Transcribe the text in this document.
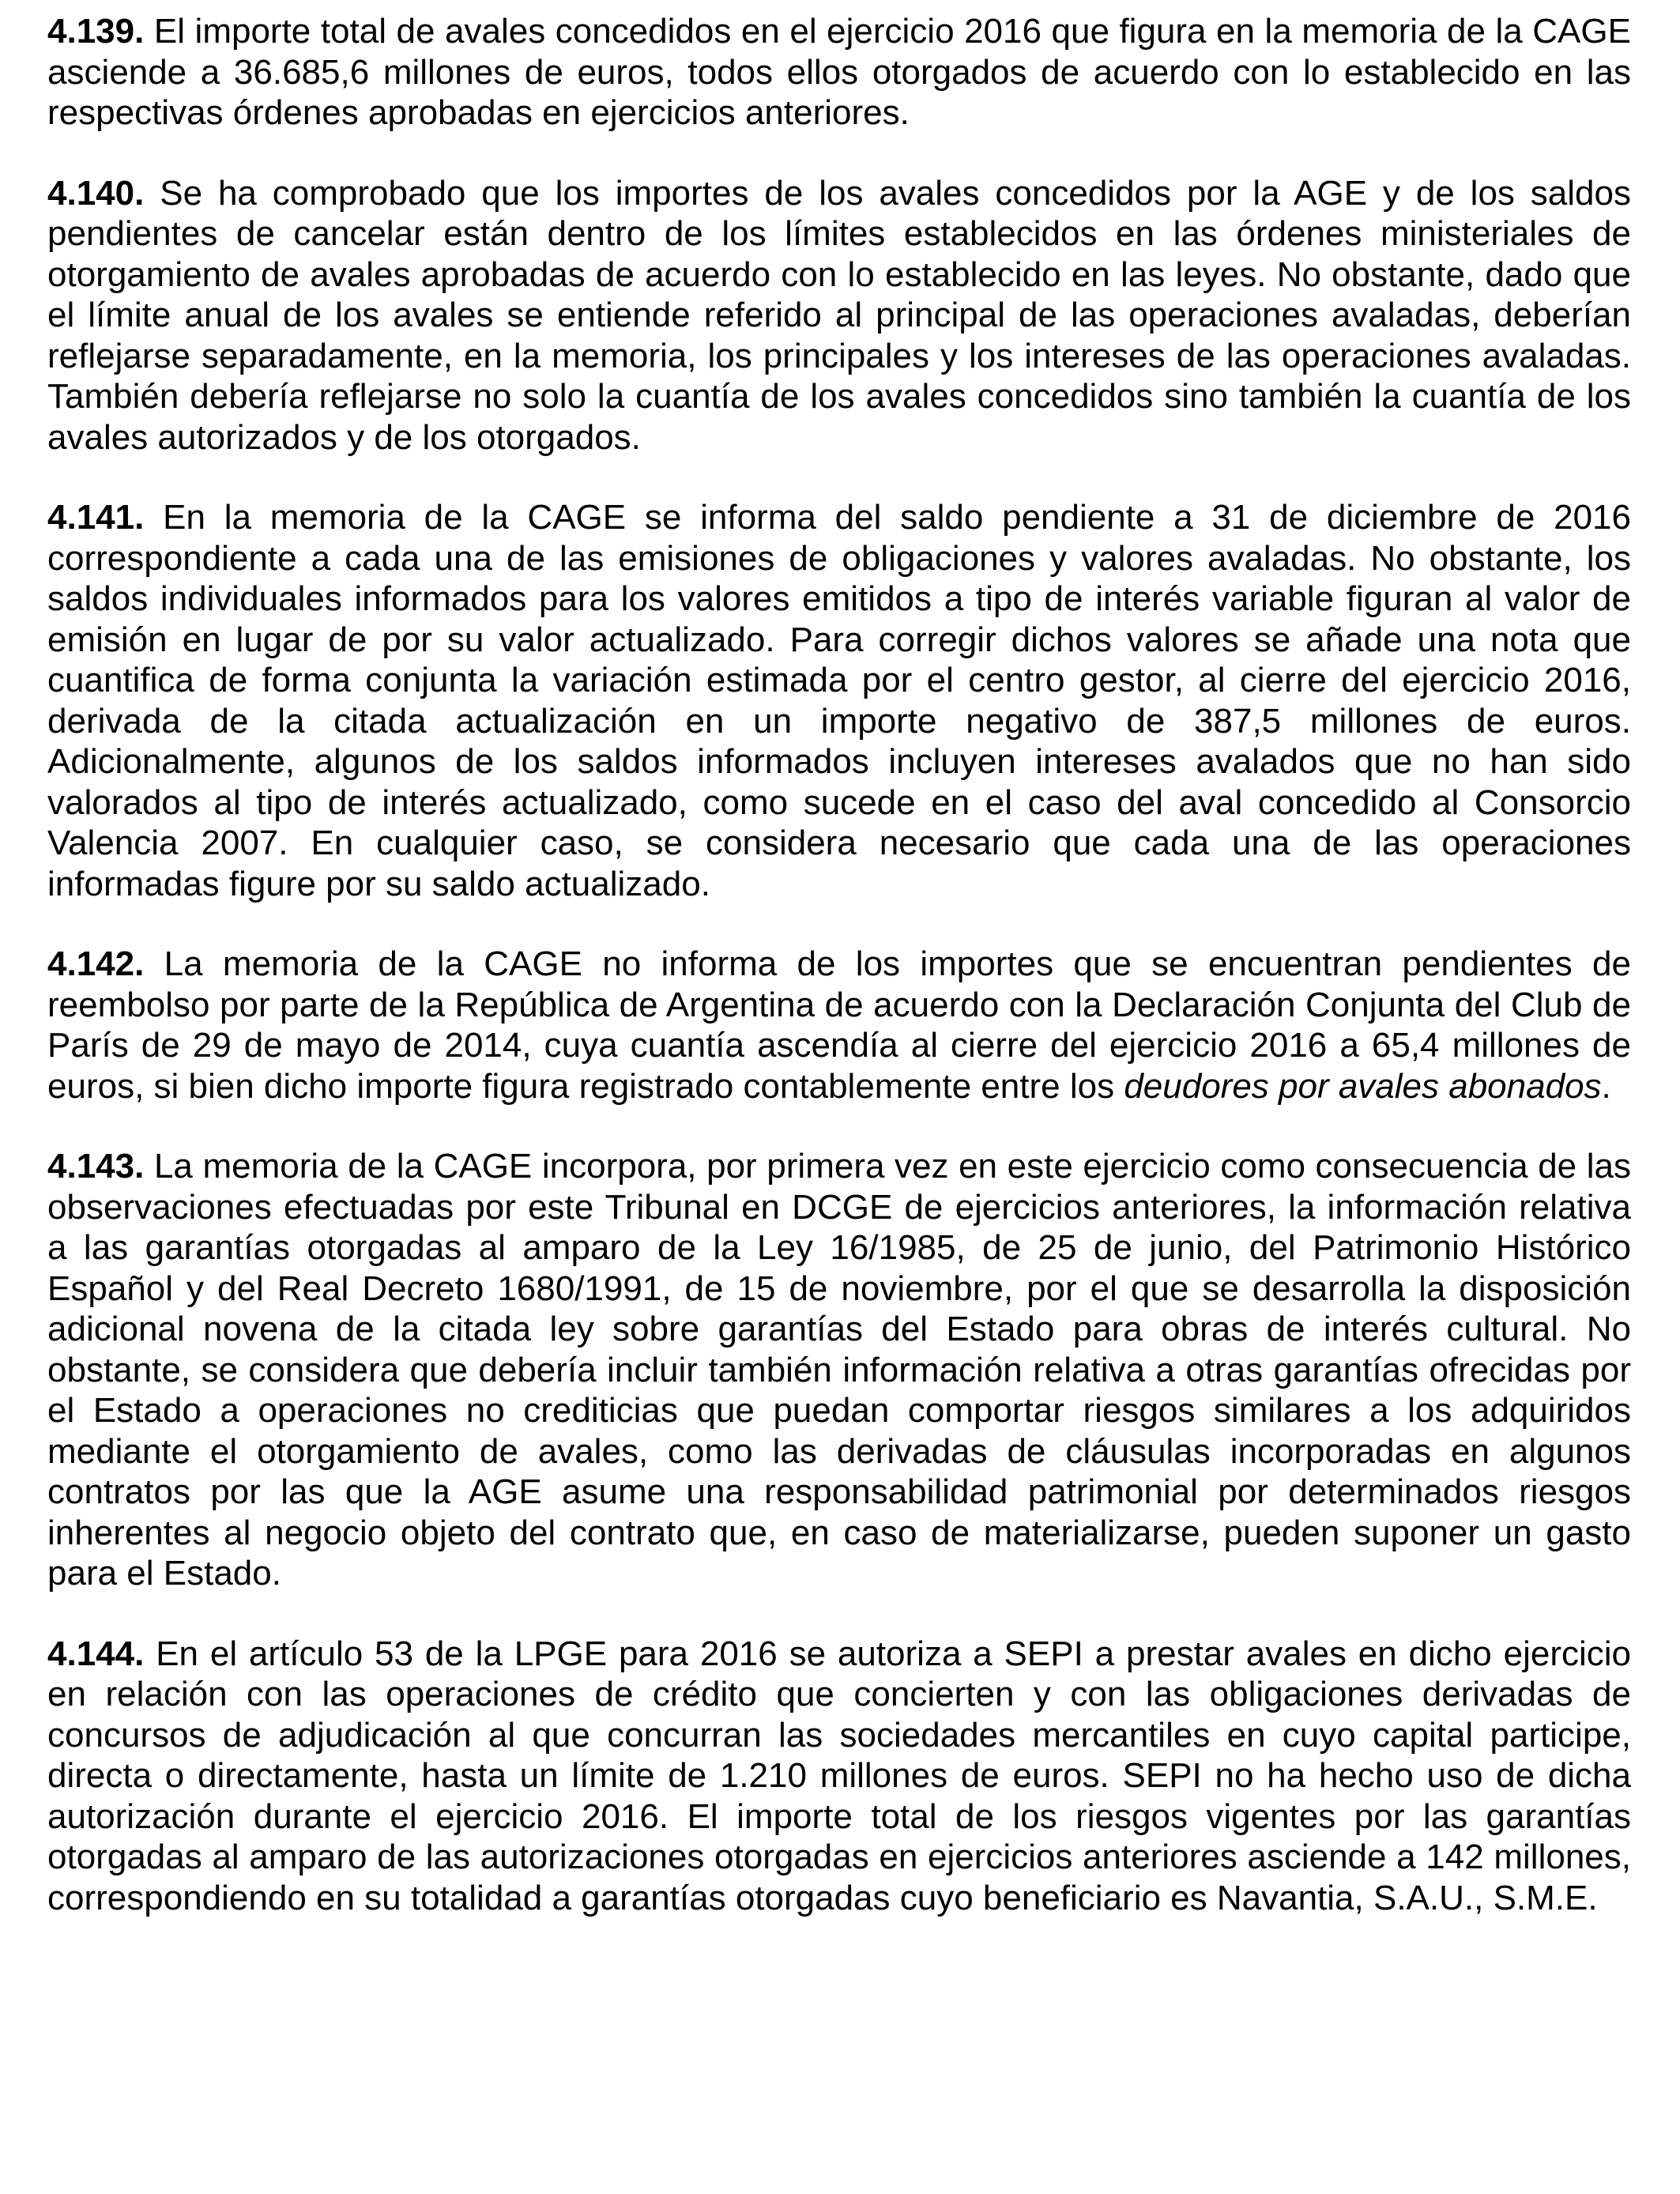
4.139. El importe total de avales concedidos en el ejercicio 2016 que figura en la memoria de la CAGE asciende a 36.685,6 millones de euros, todos ellos otorgados de acuerdo con lo establecido en las respectivas órdenes aprobadas en ejercicios anteriores.

4.140. Se ha comprobado que los importes de los avales concedidos por la AGE y de los saldos pendientes de cancelar están dentro de los límites establecidos en las órdenes ministeriales de otorgamiento de avales aprobadas de acuerdo con lo establecido en las leyes. No obstante, dado que el límite anual de los avales se entiende referido al principal de las operaciones avaladas, deberían reflejarse separadamente, en la memoria, los principales y los intereses de las operaciones avaladas. También debería reflejarse no solo la cuantía de los avales concedidos sino también la cuantía de los avales autorizados y de los otorgados.

4.141. En la memoria de la CAGE se informa del saldo pendiente a 31 de diciembre de 2016 correspondiente a cada una de las emisiones de obligaciones y valores avaladas. No obstante, los saldos individuales informados para los valores emitidos a tipo de interés variable figuran al valor de emisión en lugar de por su valor actualizado. Para corregir dichos valores se añade una nota que cuantifica de forma conjunta la variación estimada por el centro gestor, al cierre del ejercicio 2016, derivada de la citada actualización en un importe negativo de 387,5 millones de euros. Adicionalmente, algunos de los saldos informados incluyen intereses avalados que no han sido valorados al tipo de interés actualizado, como sucede en el caso del aval concedido al Consorcio Valencia 2007. En cualquier caso, se considera necesario que cada una de las operaciones informadas figure por su saldo actualizado.

4.142. La memoria de la CAGE no informa de los importes que se encuentran pendientes de reembolso por parte de la República de Argentina de acuerdo con la Declaración Conjunta del Club de París de 29 de mayo de 2014, cuya cuantía ascendía al cierre del ejercicio 2016 a 65,4 millones de euros, si bien dicho importe figura registrado contablemente entre los deudores por avales abonados.

4.143. La memoria de la CAGE incorpora, por primera vez en este ejercicio como consecuencia de las observaciones efectuadas por este Tribunal en DCGE de ejercicios anteriores, la información relativa a las garantías otorgadas al amparo de la Ley 16/1985, de 25 de junio, del Patrimonio Histórico Español y del Real Decreto 1680/1991, de 15 de noviembre, por el que se desarrolla la disposición adicional novena de la citada ley sobre garantías del Estado para obras de interés cultural. No obstante, se considera que debería incluir también información relativa a otras garantías ofrecidas por el Estado a operaciones no crediticias que puedan comportar riesgos similares a los adquiridos mediante el otorgamiento de avales, como las derivadas de cláusulas incorporadas en algunos contratos por las que la AGE asume una responsabilidad patrimonial por determinados riesgos inherentes al negocio objeto del contrato que, en caso de materializarse, pueden suponer un gasto para el Estado.

4.144. En el artículo 53 de la LPGE para 2016 se autoriza a SEPI a prestar avales en dicho ejercicio en relación con las operaciones de crédito que concierten y con las obligaciones derivadas de concursos de adjudicación al que concurran las sociedades mercantiles en cuyo capital participe, directa o directamente, hasta un límite de 1.210 millones de euros. SEPI no ha hecho uso de dicha autorización durante el ejercicio 2016. El importe total de los riesgos vigentes por las garantías otorgadas al amparo de las autorizaciones otorgadas en ejercicios anteriores asciende a 142 millones, correspondiendo en su totalidad a garantías otorgadas cuyo beneficiario es Navantia, S.A.U., S.M.E.
